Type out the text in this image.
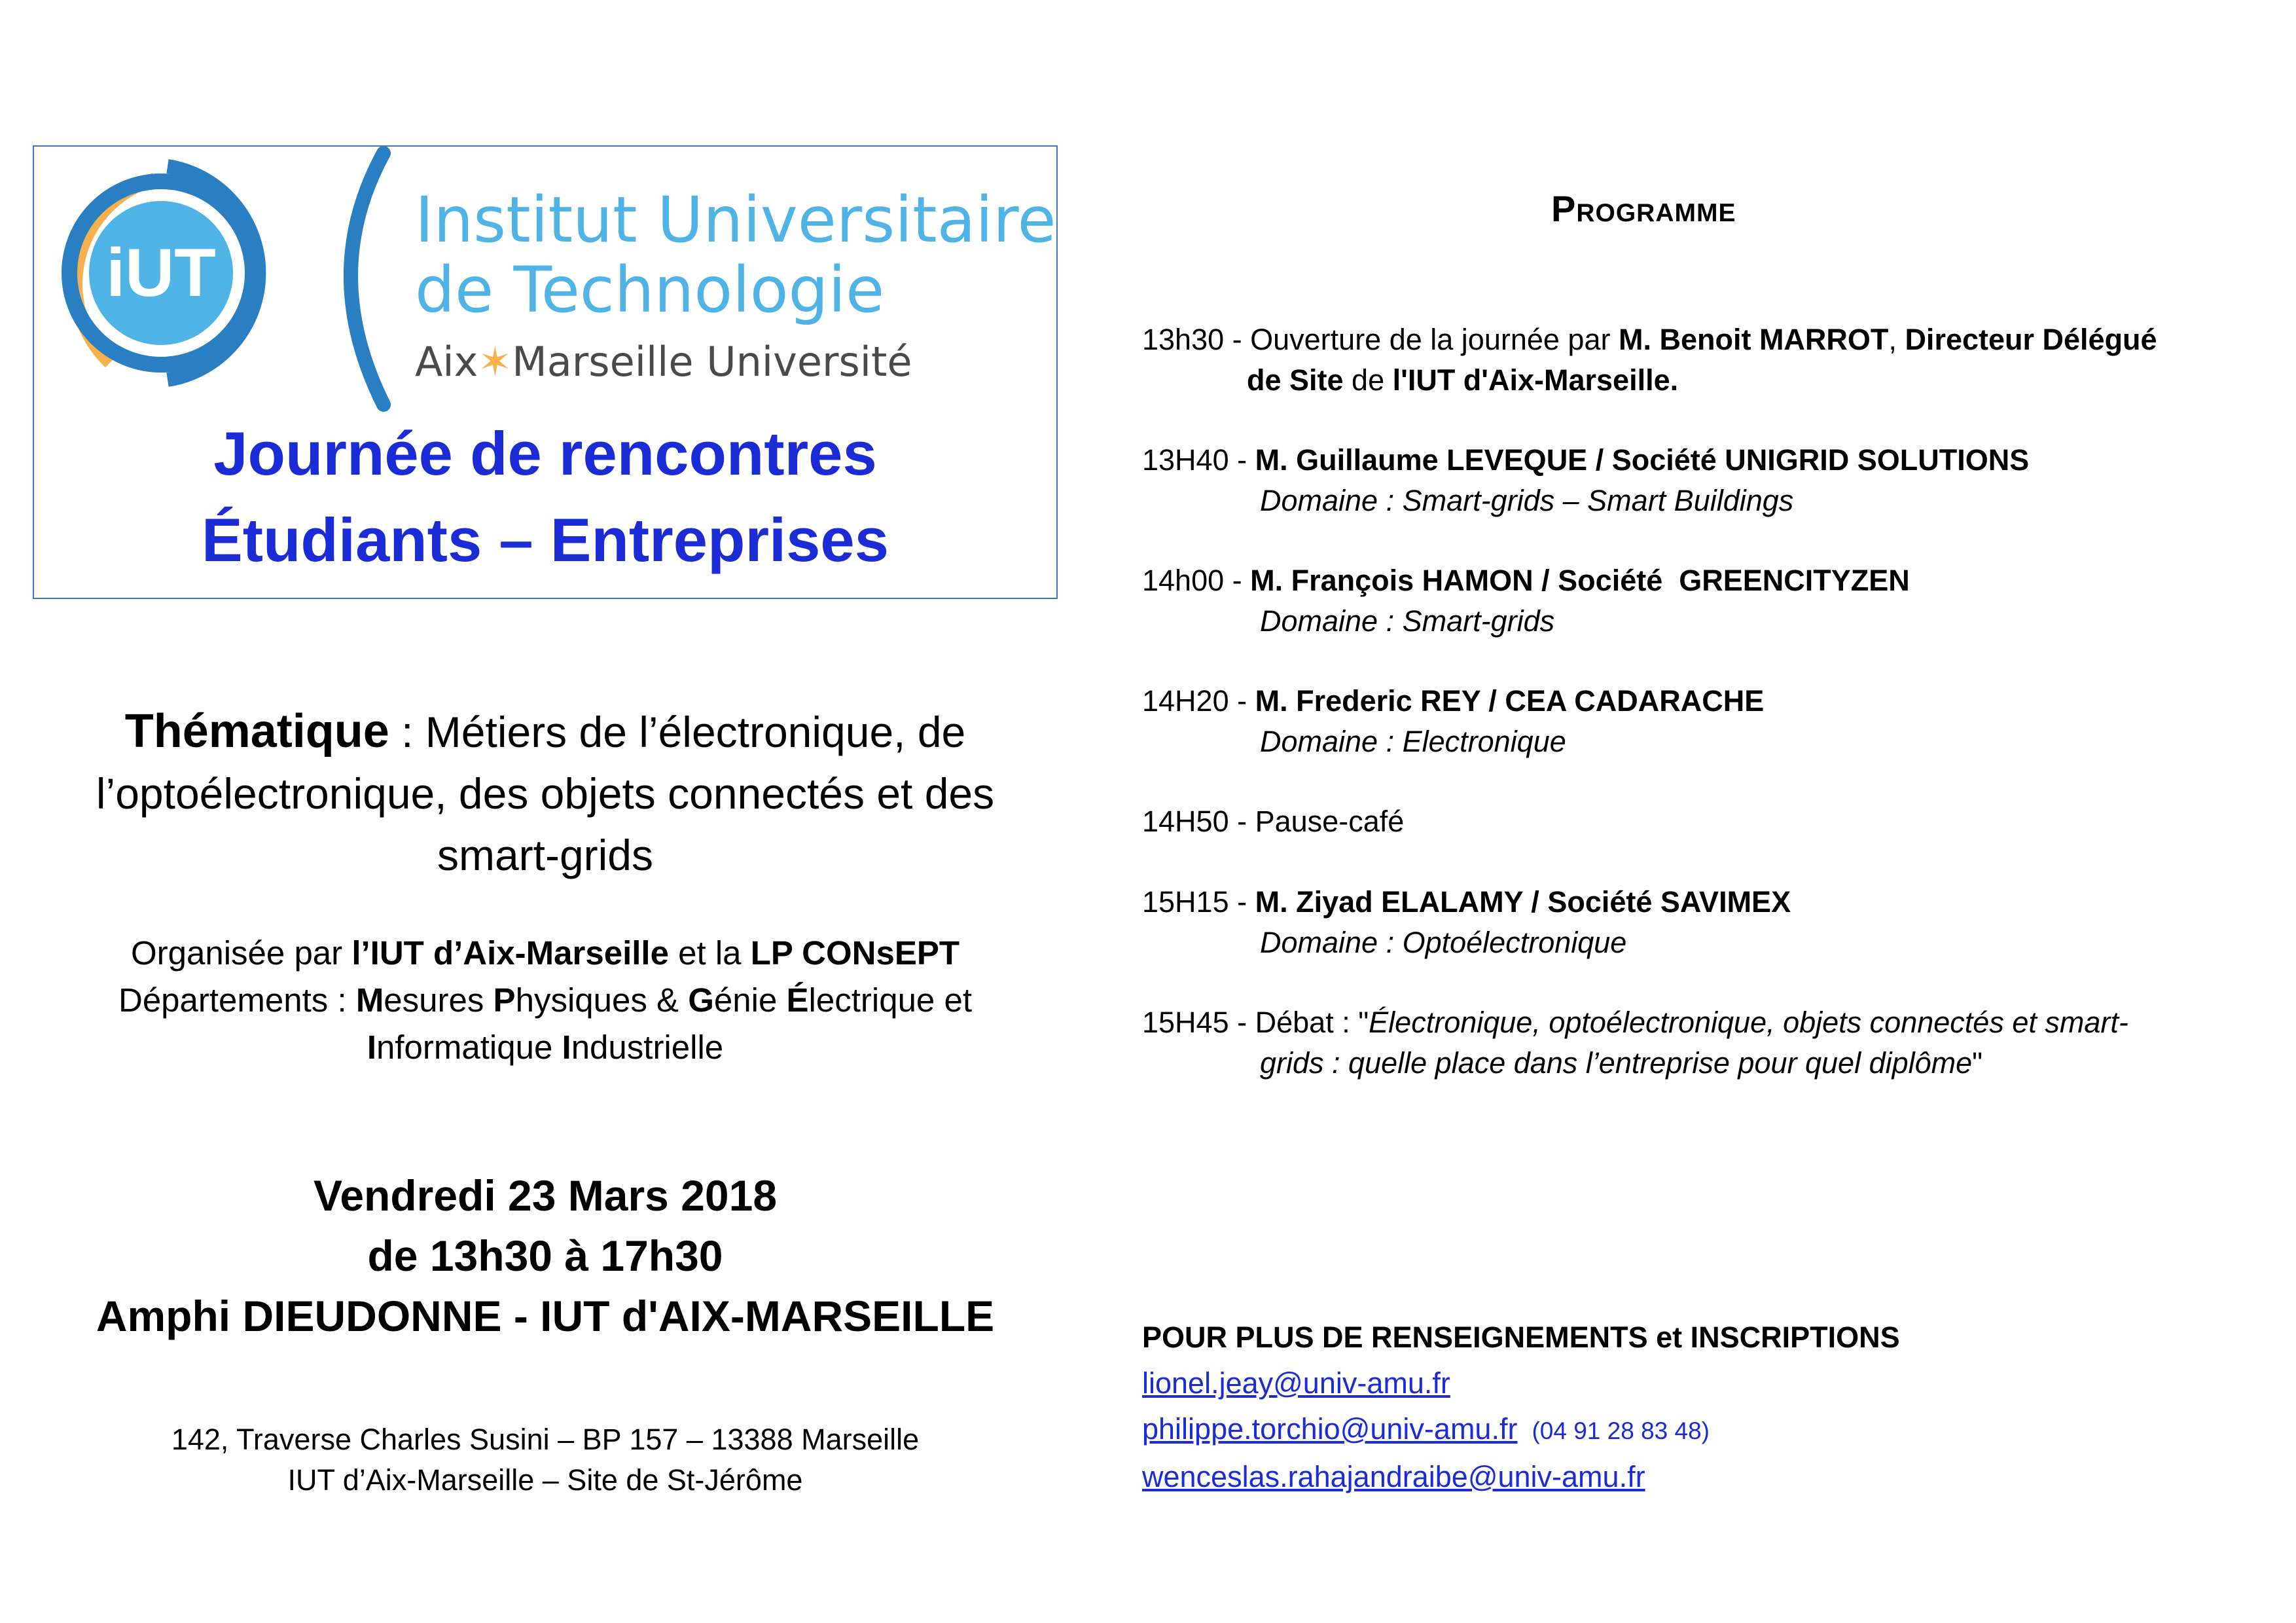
iUT
Institut Universitaire
de Technologie
Aix✶Marseille Université
Journée de rencontres
Étudiants – Entreprises
Thématique : Métiers de l’électronique, de
l’optoélectronique, des objets connectés et des
smart-grids
Organisée par l’IUT d’Aix-Marseille et la LP CONsEPT
Départements : Mesures Physiques & Génie Électrique et
Informatique Industrielle
Vendredi 23 Mars 2018
de 13h30 à 17h30
Amphi DIEUDONNE - IUT d'AIX-MARSEILLE
142, Traverse Charles Susini – BP 157 – 13388 Marseille
IUT d’Aix-Marseille – Site de St-Jérôme
Programme
13h30 - Ouverture de la journée par M. Benoit MARROT, Directeur Délégué
de Site de l'IUT d'Aix-Marseille.
13H40 - M. Guillaume LEVEQUE / Société UNIGRID SOLUTIONS
Domaine : Smart-grids – Smart Buildings
14h00 - M. François HAMON / Société  GREENCITYZEN
Domaine : Smart-grids
14H20 - M. Frederic REY / CEA CADARACHE
Domaine : Electronique
14H50 - Pause-café
15H15 - M. Ziyad ELALAMY / Société SAVIMEX
Domaine : Optoélectronique
15H45 - Débat : "Électronique, optoélectronique, objets connectés et smart-
grids : quelle place dans l’entreprise pour quel diplôme"
POUR PLUS DE RENSEIGNEMENTS et INSCRIPTIONS
lionel.jeay@univ-amu.fr
philippe.torchio@univ-amu.fr (04 91 28 83 48)
wenceslas.rahajandraibe@univ-amu.fr
